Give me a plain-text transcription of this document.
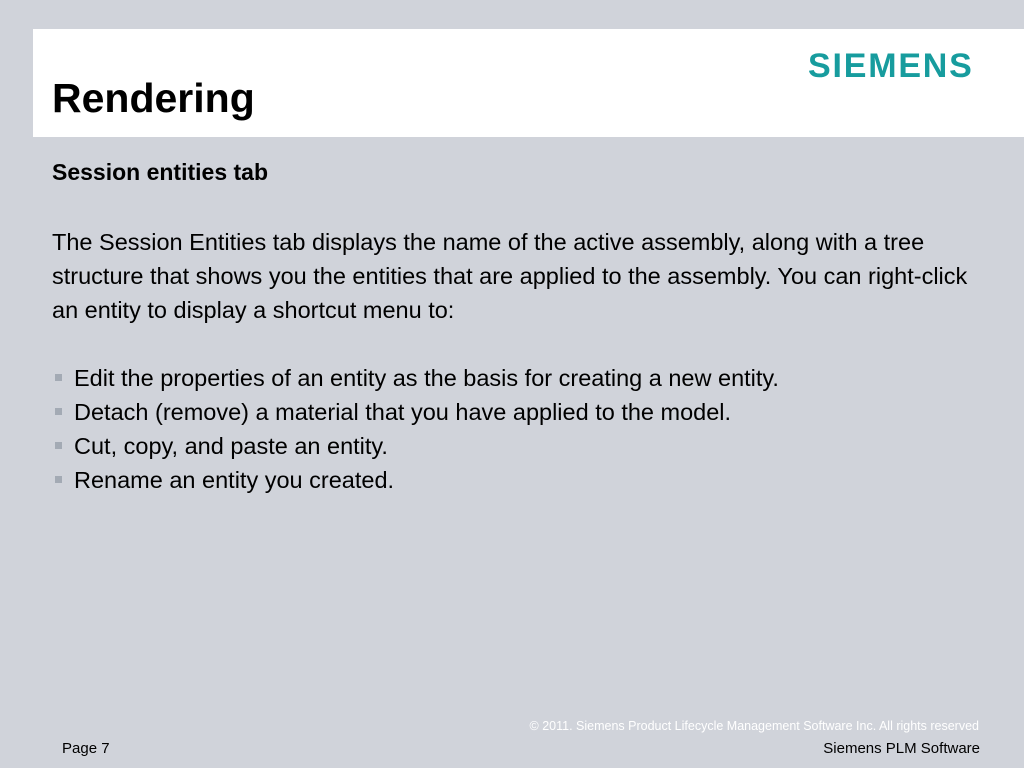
Rendering
SIEMENS
Session entities tab

The Session Entities tab displays the name of the active assembly, along with a tree structure that shows you the entities that are applied to the assembly. You can right-click an entity to display a shortcut menu to:

Edit the properties of an entity as the basis for creating a new entity.
Detach (remove) a material that you have applied to the model.
Cut, copy, and paste an entity.
Rename an entity you created.
© 2011. Siemens Product Lifecycle Management Software Inc. All rights reserved
Page 7	Siemens PLM Software
